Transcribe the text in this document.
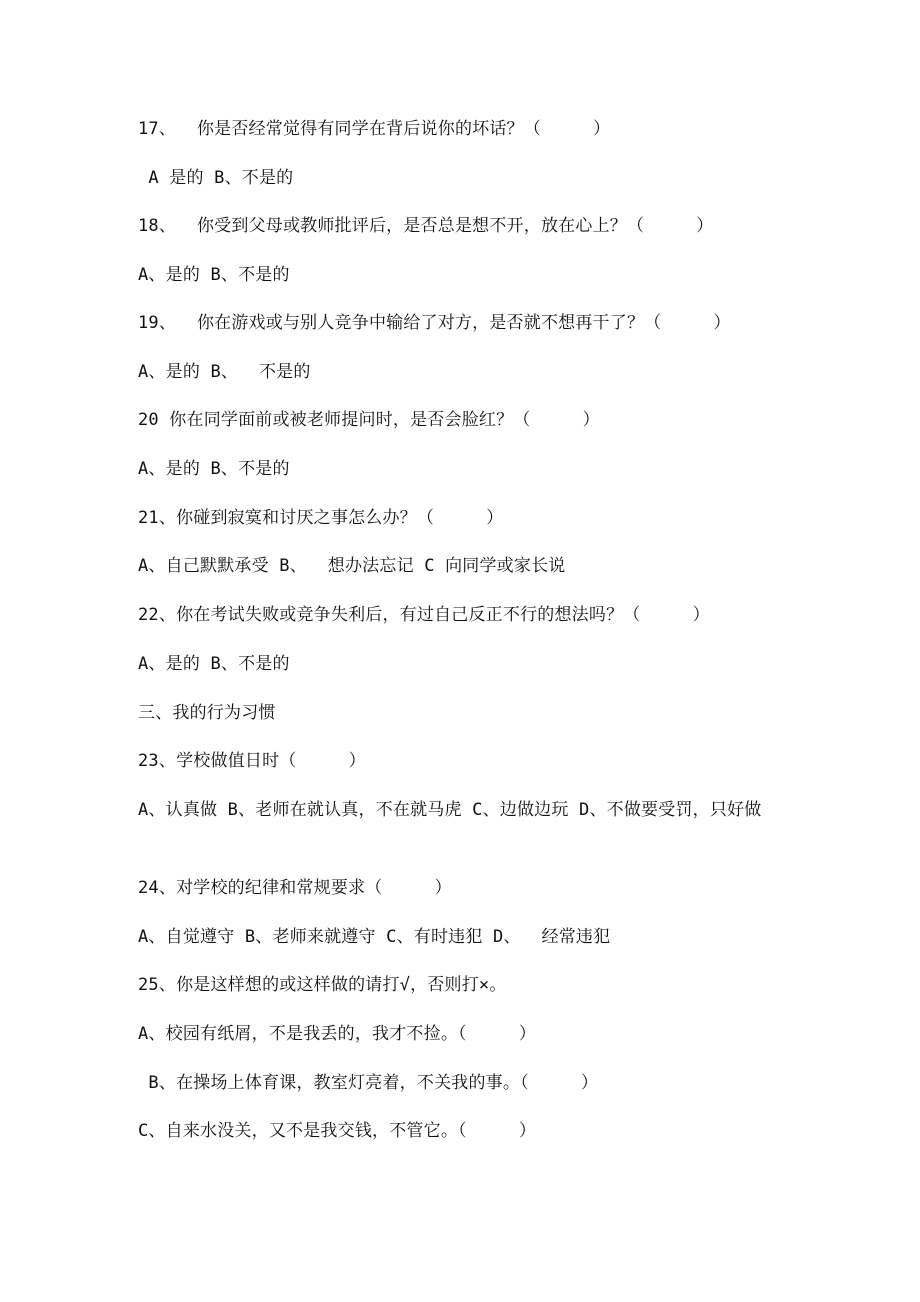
17、  你是否经常觉得有同学在背后说你的坏话？（     ）
A 是的 B、不是的
18、  你受到父母或教师批评后，是否总是想不开，放在心上？（     ）
A、是的 B、不是的
19、  你在游戏或与别人竞争中输给了对方，是否就不想再干了？（     ）
A、是的 B、  不是的
20 你在同学面前或被老师提问时，是否会脸红？（     ）
A、是的 B、不是的
21、你碰到寂寞和讨厌之事怎么办？（     ）
A、自己默默承受 B、  想办法忘记 C 向同学或家长说
22、你在考试失败或竞争失利后，有过自己反正不行的想法吗？（     ）
A、是的 B、不是的
三、我的行为习惯
23、学校做值日时（     ）
A、认真做 B、老师在就认真，不在就马虎 C、边做边玩 D、不做要受罚，只好做
24、对学校的纪律和常规要求（     ）
A、自觉遵守 B、老师来就遵守 C、有时违犯 D、  经常违犯
25、你是这样想的或这样做的请打√，否则打×。
A、校园有纸屑，不是我丢的，我才不捡。（     ）
B、在操场上体育课，教室灯亮着，不关我的事。（     ）
C、自来水没关，又不是我交钱，不管它。（     ）
